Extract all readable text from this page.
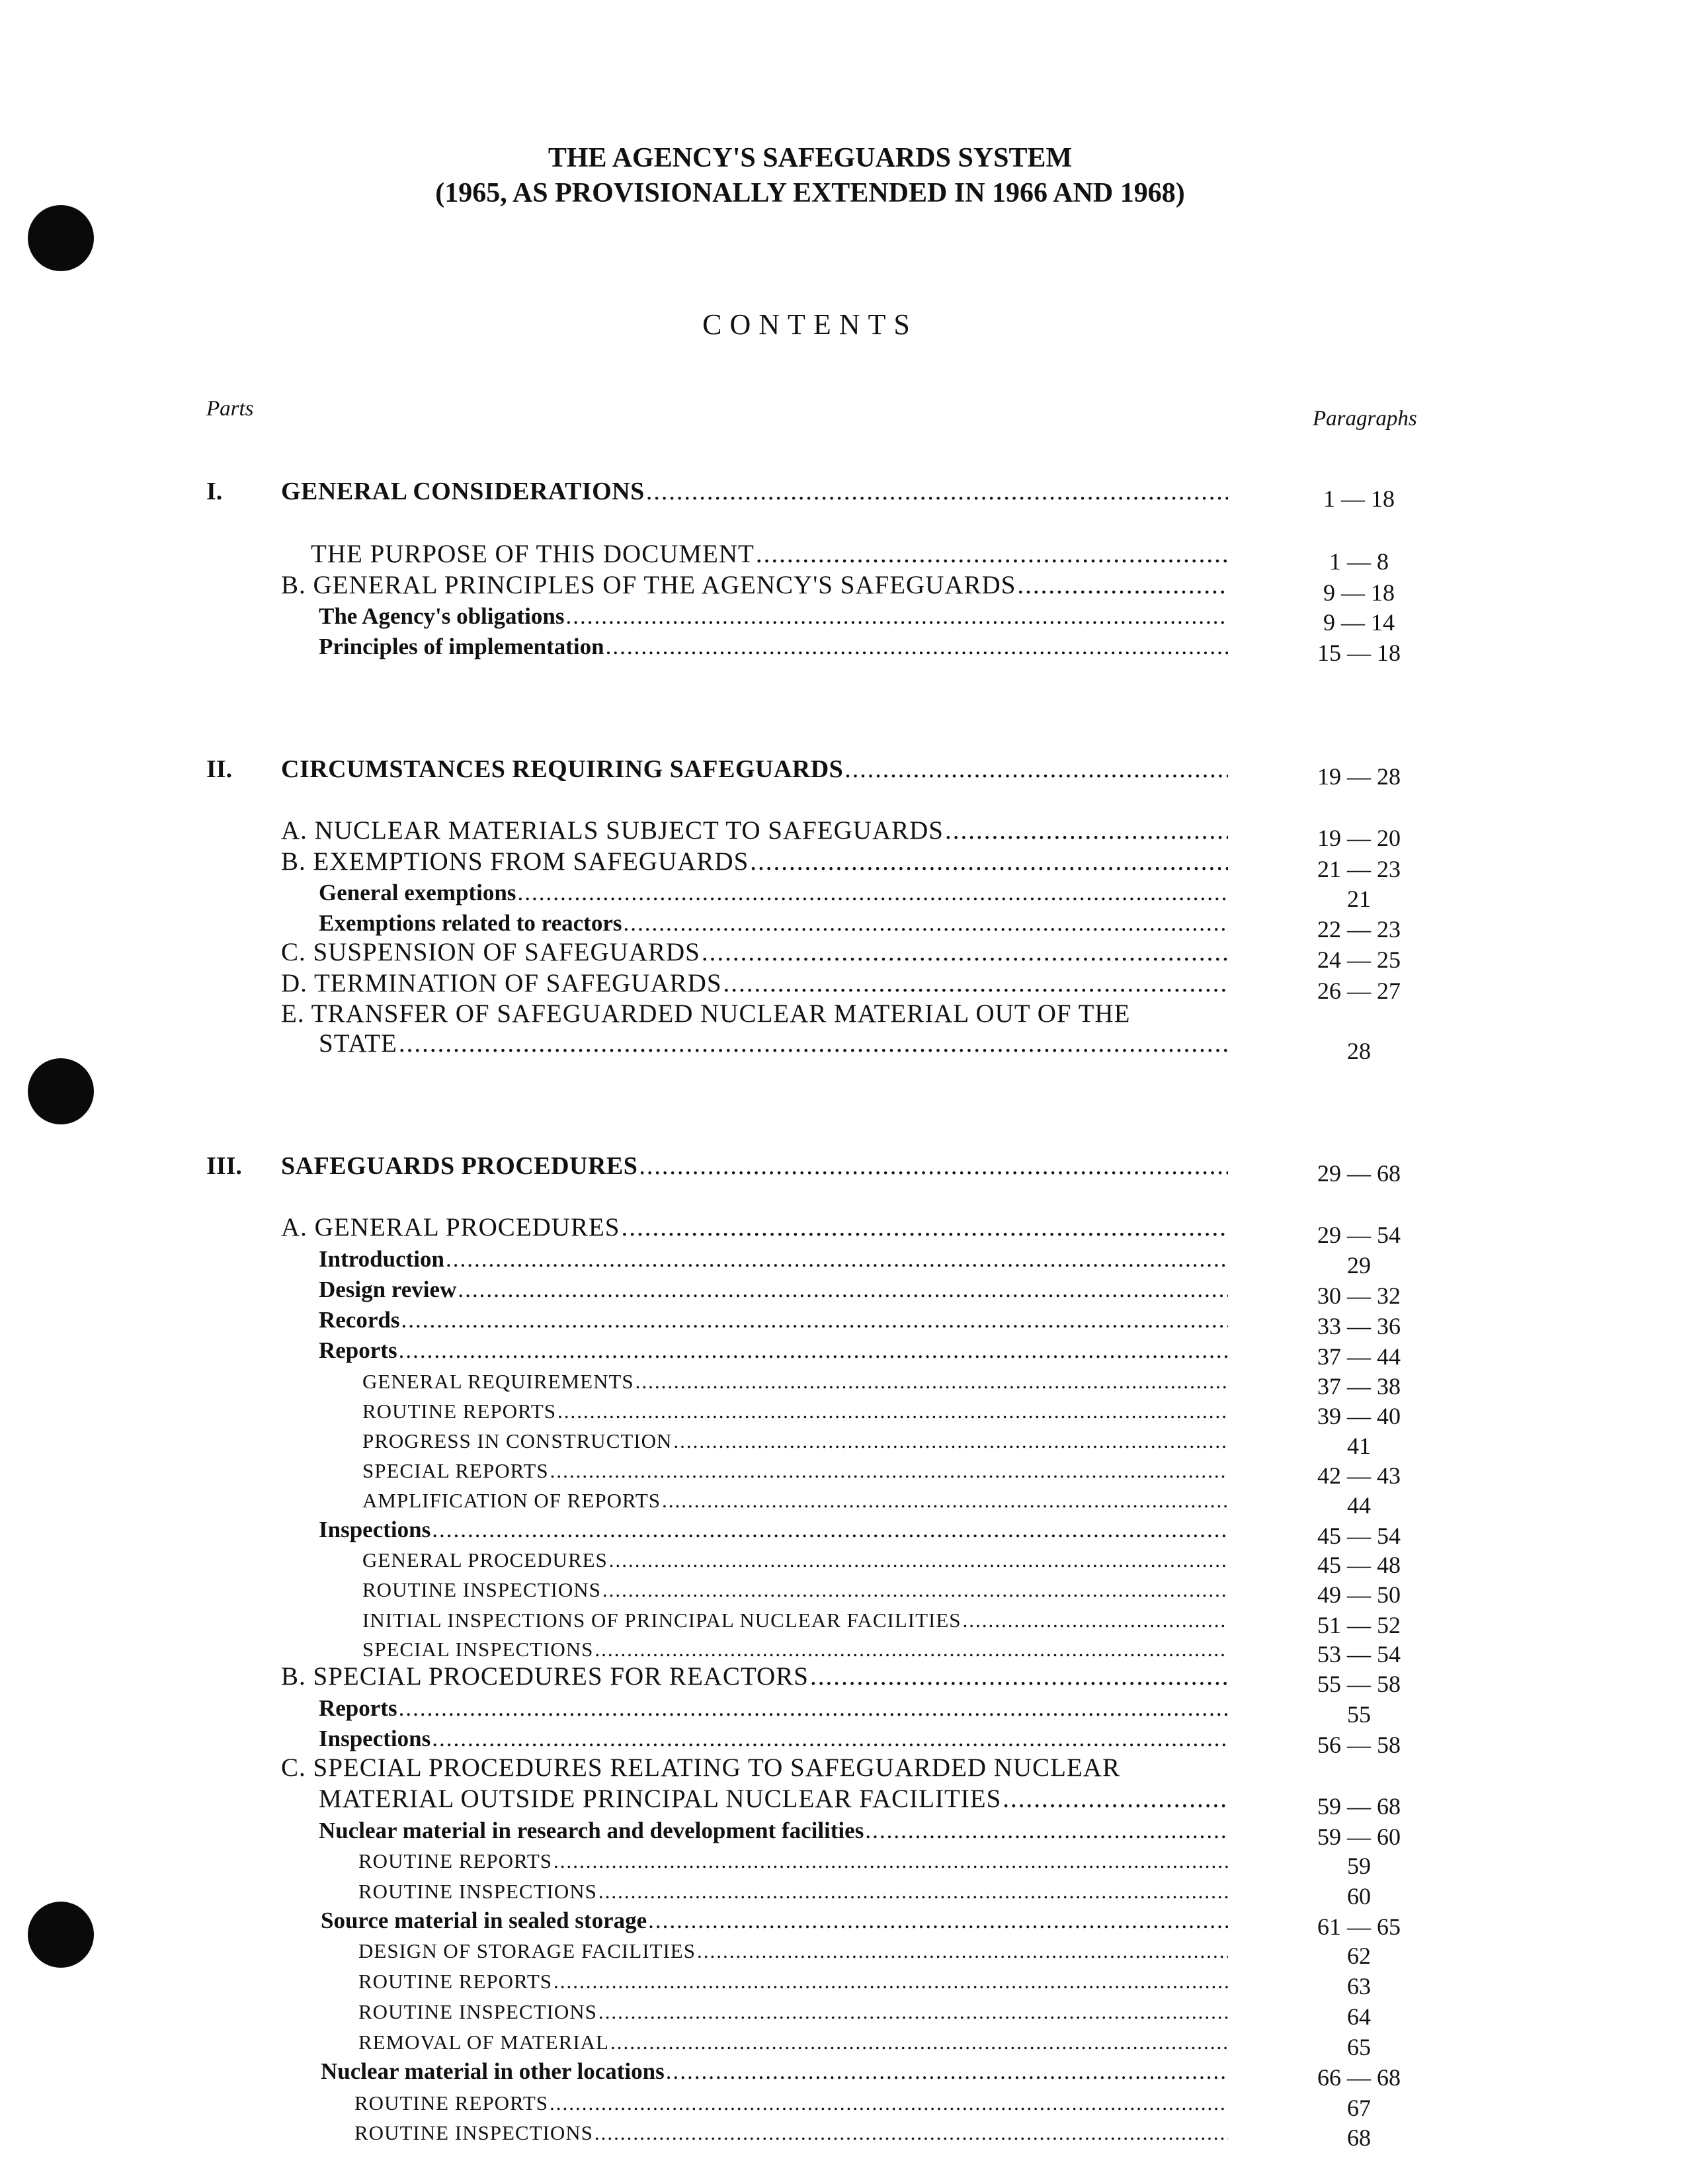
THE AGENCY'S SAFEGUARDS SYSTEM
(1965, AS PROVISIONALLY EXTENDED IN 1966 AND 1968)
CONTENTS
Parts	Paragraphs
I. GENERAL CONSIDERATIONS .....	1 — 18
THE PURPOSE OF THIS DOCUMENT .....	1 — 8
B. GENERAL PRINCIPLES OF THE AGENCY'S SAFEGUARDS .....	9 — 18
The Agency's obligations .....	9 — 14
Principles of implementation .....	15 — 18
II. CIRCUMSTANCES REQUIRING SAFEGUARDS .....	19 — 28
A. NUCLEAR MATERIALS SUBJECT TO SAFEGUARDS .....	19 — 20
B. EXEMPTIONS FROM SAFEGUARDS .....	21 — 23
General exemptions .....	21
Exemptions related to reactors .....	22 — 23
C. SUSPENSION OF SAFEGUARDS .....	24 — 25
D. TERMINATION OF SAFEGUARDS .....	26 — 27
E. TRANSFER OF SAFEGUARDED NUCLEAR MATERIAL OUT OF THE
STATE .....	28
III. SAFEGUARDS PROCEDURES .....	29 — 68
A. GENERAL PROCEDURES .....	29 — 54
Introduction .....	29
Design review .....	30 — 32
Records .....	33 — 36
Reports .....	37 — 44
GENERAL REQUIREMENTS .....	37 — 38
ROUTINE REPORTS .....	39 — 40
PROGRESS IN CONSTRUCTION .....	41
SPECIAL REPORTS .....	42 — 43
AMPLIFICATION OF REPORTS .....	44
Inspections .....	45 — 54
GENERAL PROCEDURES .....	45 — 48
ROUTINE INSPECTIONS .....	49 — 50
INITIAL INSPECTIONS OF PRINCIPAL NUCLEAR FACILITIES .....	51 — 52
SPECIAL INSPECTIONS .....	53 — 54
B. SPECIAL PROCEDURES FOR REACTORS .....	55 — 58
Reports .....	55
Inspections .....	56 — 58
C. SPECIAL PROCEDURES RELATING TO SAFEGUARDED NUCLEAR
MATERIAL OUTSIDE PRINCIPAL NUCLEAR FACILITIES .....	59 — 68
Nuclear material in research and development facilities .....	59 — 60
ROUTINE REPORTS .....	59
ROUTINE INSPECTIONS .....	60
Source material in sealed storage .....	61 — 65
DESIGN OF STORAGE FACILITIES .....	62
ROUTINE REPORTS .....	63
ROUTINE INSPECTIONS .....	64
REMOVAL OF MATERIAL .....	65
Nuclear material in other locations .....	66 — 68
ROUTINE REPORTS .....	67
ROUTINE INSPECTIONS .....	68
